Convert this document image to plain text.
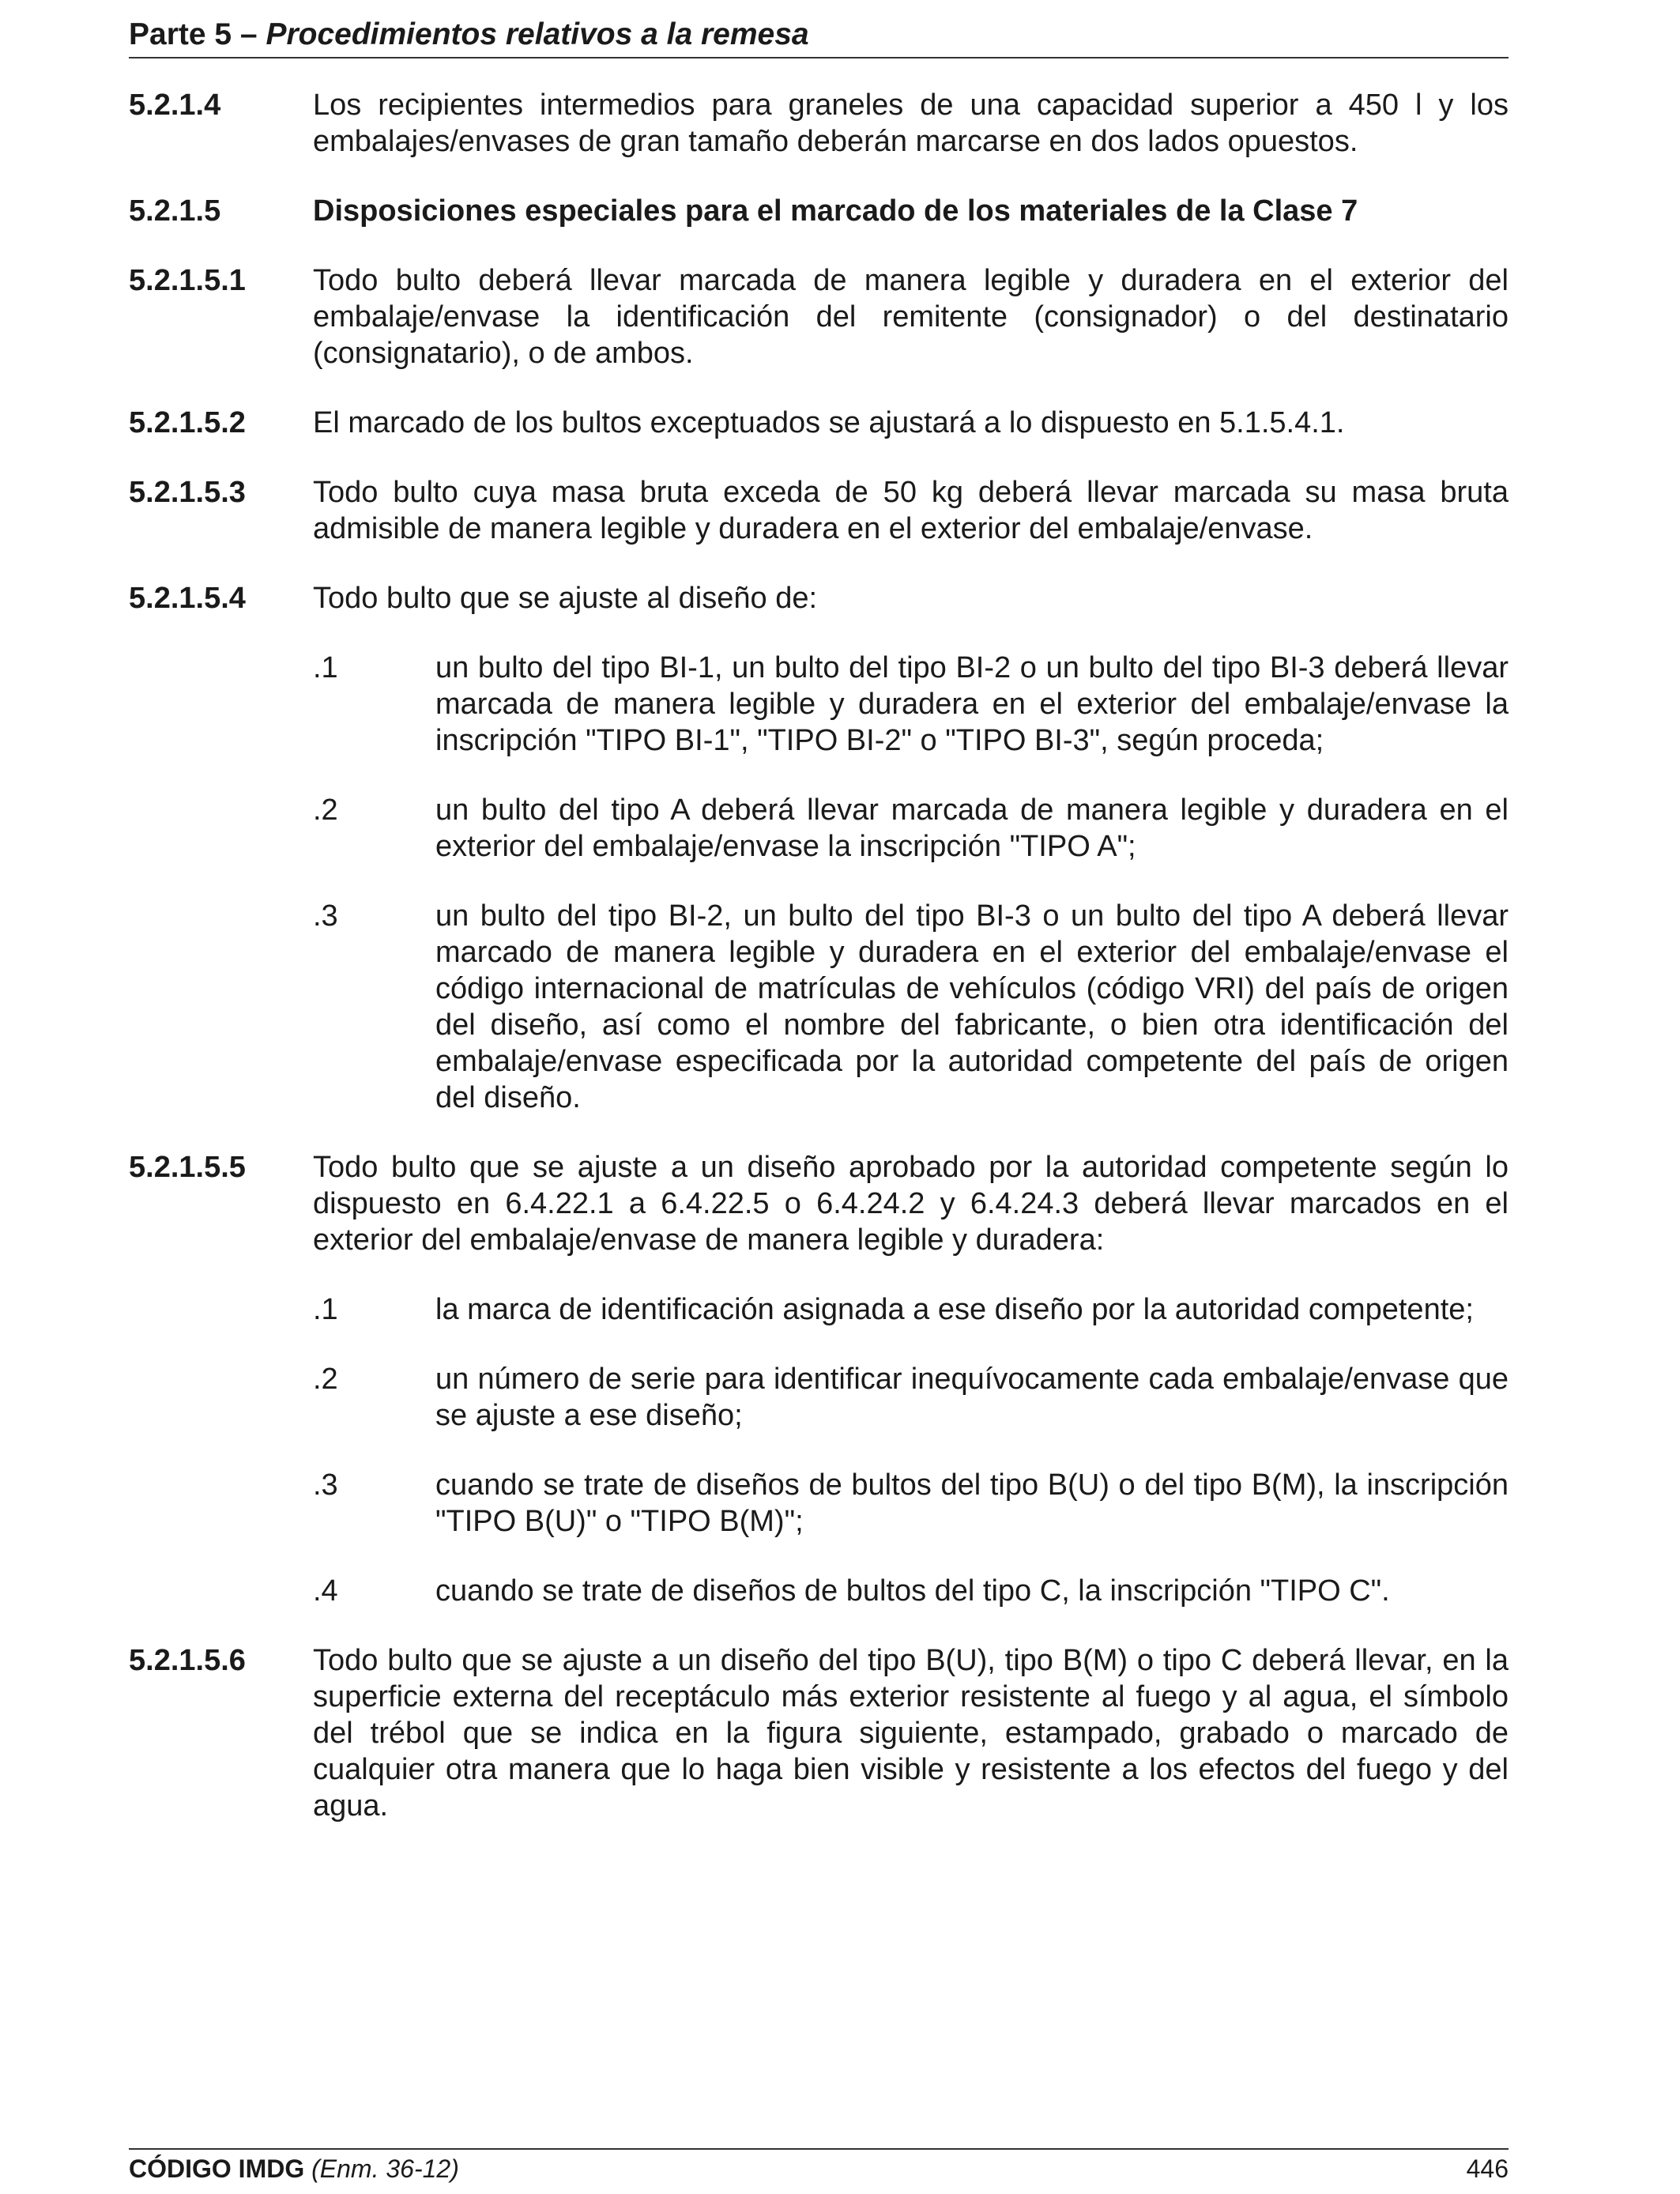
Parte 5 – Procedimientos relativos a la remesa
5.2.1.4	Los recipientes intermedios para graneles de una capacidad superior a 450 l y los embalajes/envases de gran tamaño deberán marcarse en dos lados opuestos.
5.2.1.5	Disposiciones especiales para el marcado de los materiales de la Clase 7
5.2.1.5.1	Todo bulto deberá llevar marcada de manera legible y duradera en el exterior del embalaje/envase la identificación del remitente (consignador) o del destinatario (consignatario), o de ambos.
5.2.1.5.2	El marcado de los bultos exceptuados se ajustará a lo dispuesto en 5.1.5.4.1.
5.2.1.5.3	Todo bulto cuya masa bruta exceda de 50 kg deberá llevar marcada su masa bruta admisible de manera legible y duradera en el exterior del embalaje/envase.
5.2.1.5.4	Todo bulto que se ajuste al diseño de:
.1	un bulto del tipo BI-1, un bulto del tipo BI-2 o un bulto del tipo BI-3 deberá llevar marcada de manera legible y duradera en el exterior del embalaje/envase la inscripción "TIPO BI-1", "TIPO BI-2" o "TIPO BI-3", según proceda;
.2	un bulto del tipo A deberá llevar marcada de manera legible y duradera en el exterior del embalaje/envase la inscripción "TIPO A";
.3	un bulto del tipo BI-2, un bulto del tipo BI-3 o un bulto del tipo A deberá llevar marcado de manera legible y duradera en el exterior del embalaje/envase el código internacional de matrículas de vehículos (código VRI) del país de origen del diseño, así como el nombre del fabricante, o bien otra identificación del embalaje/envase especificada por la autoridad competente del país de origen del diseño.
5.2.1.5.5	Todo bulto que se ajuste a un diseño aprobado por la autoridad competente según lo dispuesto en 6.4.22.1 a 6.4.22.5 o 6.4.24.2 y 6.4.24.3 deberá llevar marcados en el exterior del embalaje/envase de manera legible y duradera:
.1	la marca de identificación asignada a ese diseño por la autoridad competente;
.2	un número de serie para identificar inequívocamente cada embalaje/envase que se ajuste a ese diseño;
.3	cuando se trate de diseños de bultos del tipo B(U) o del tipo B(M), la inscripción "TIPO B(U)" o "TIPO B(M)";
.4	cuando se trate de diseños de bultos del tipo C, la inscripción "TIPO C".
5.2.1.5.6	Todo bulto que se ajuste a un diseño del tipo B(U), tipo B(M) o tipo C deberá llevar, en la superficie externa del receptáculo más exterior resistente al fuego y al agua, el símbolo del trébol que se indica en la figura siguiente, estampado, grabado o marcado de cualquier otra manera que lo haga bien visible y resistente a los efectos del fuego y del agua.
CÓDIGO IMDG (Enm. 36-12)	446
